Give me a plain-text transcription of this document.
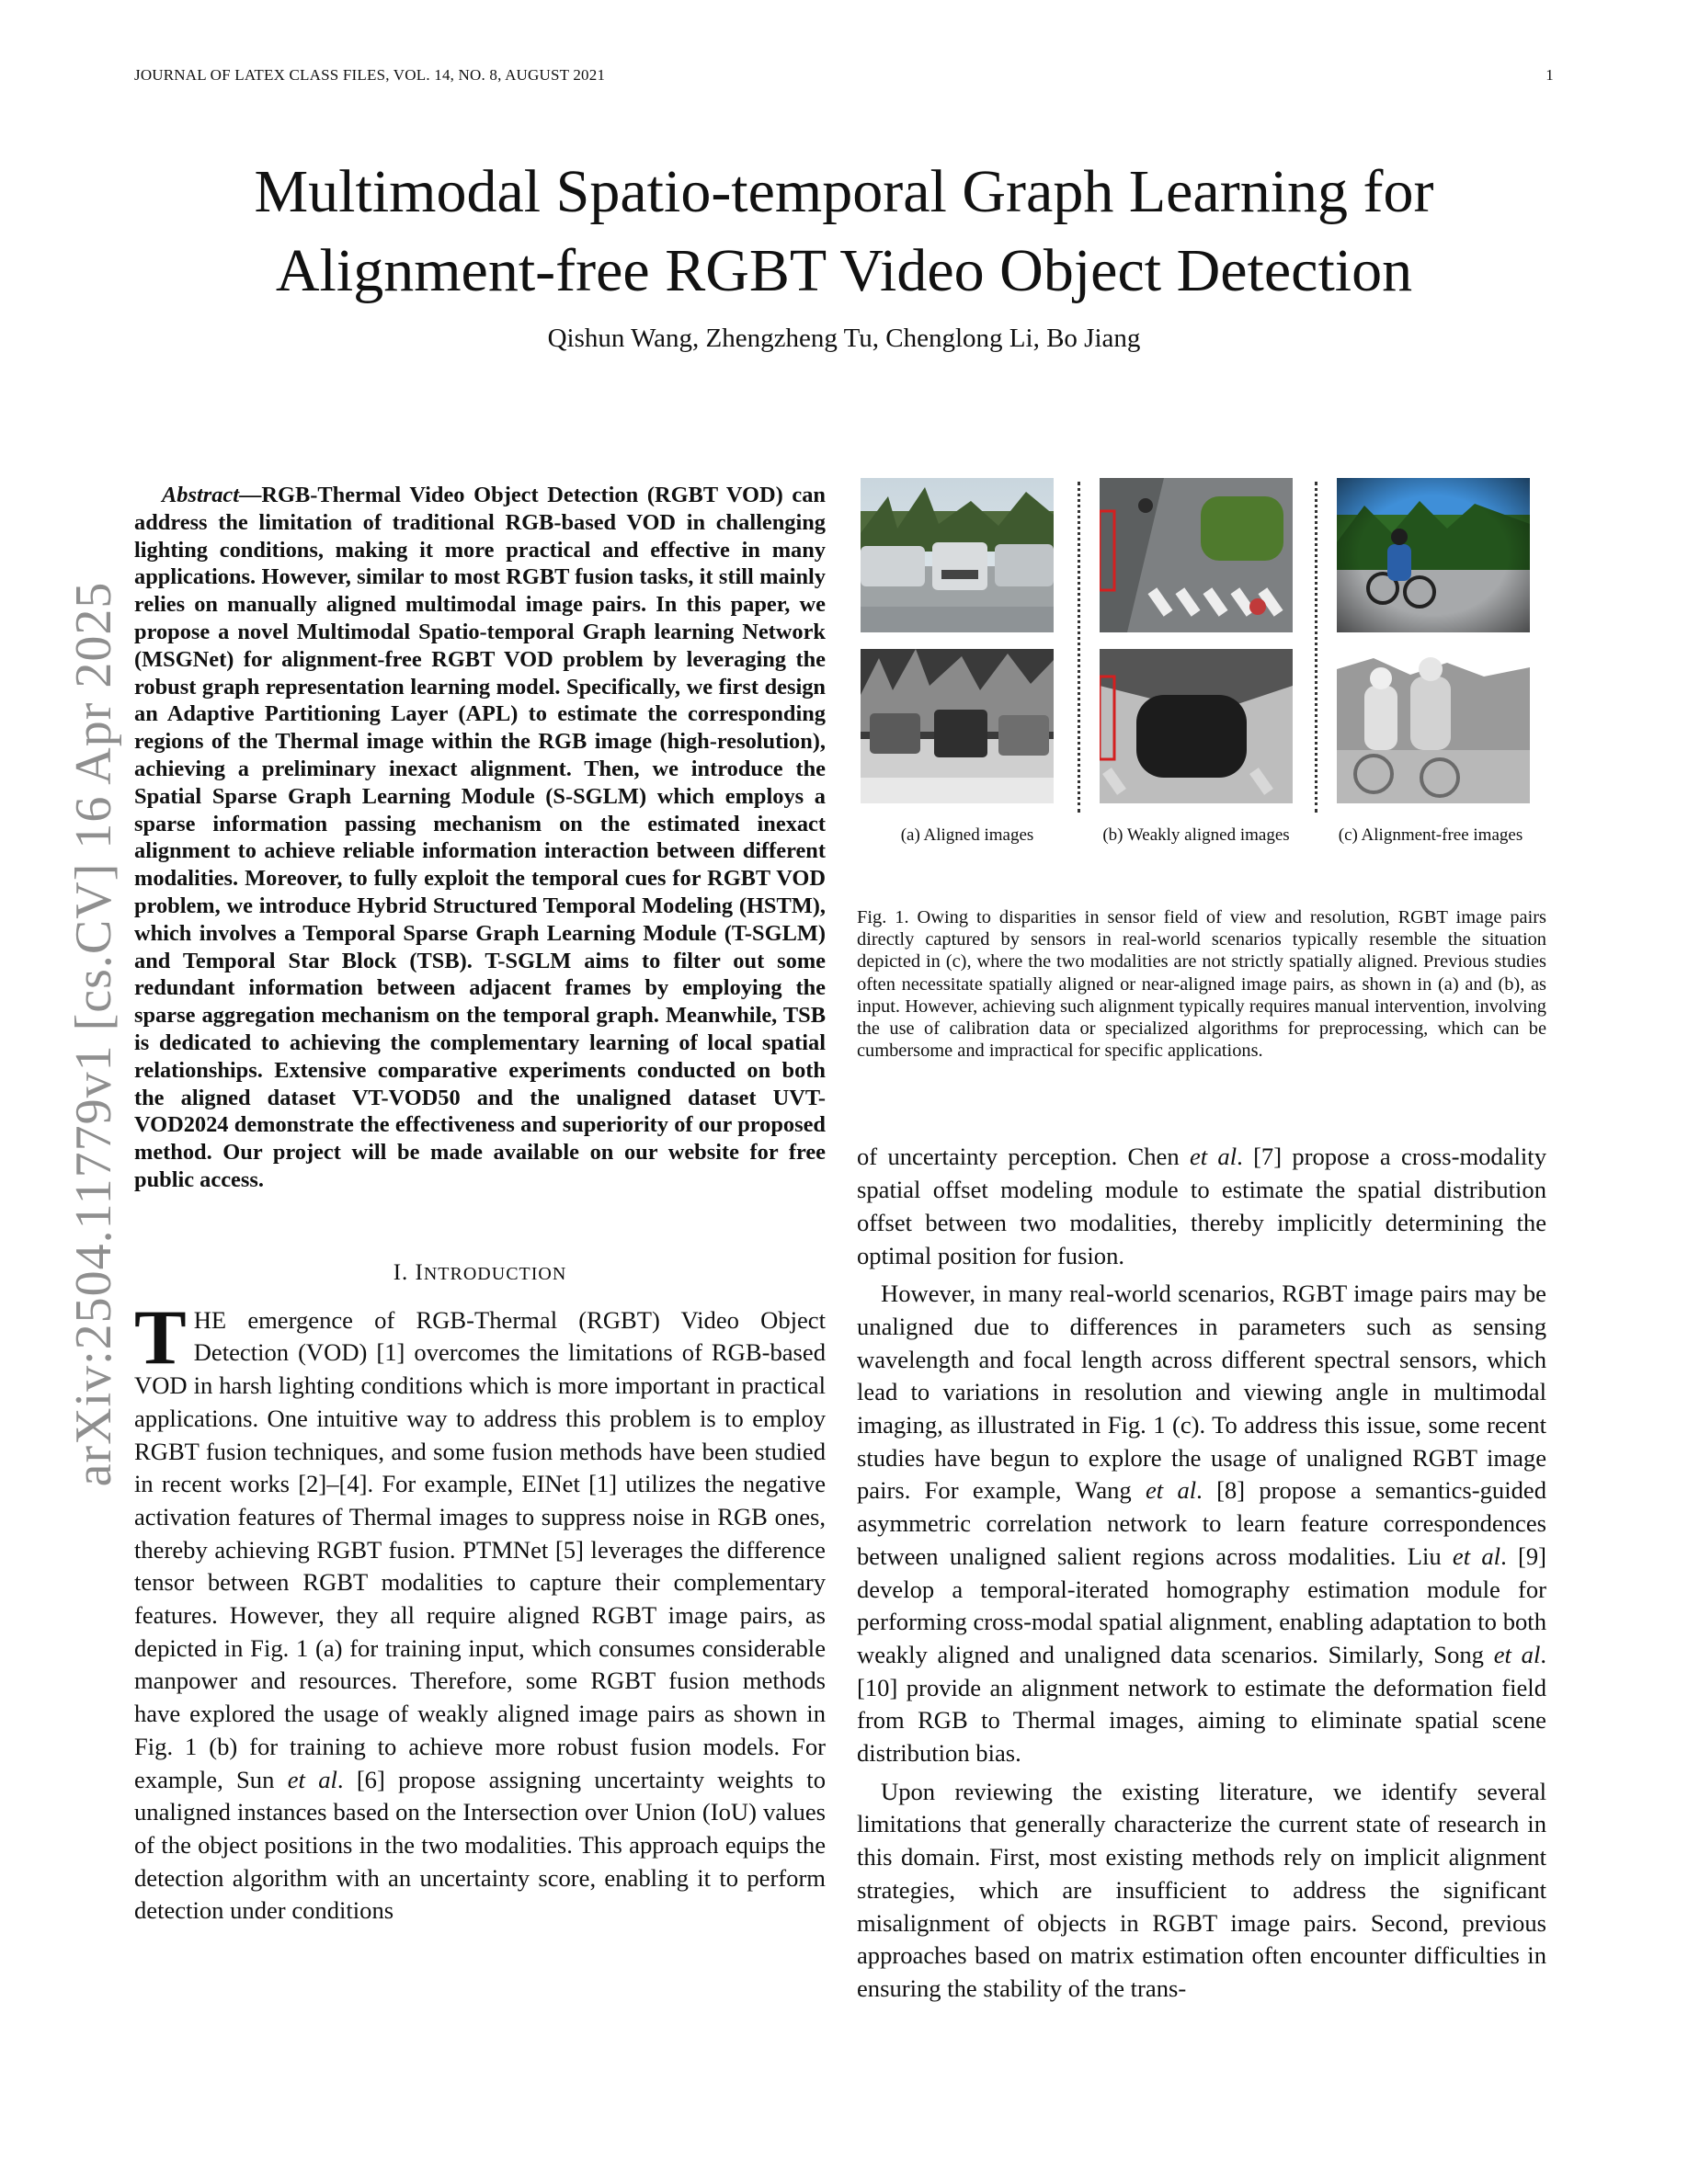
JOURNAL OF LATEX CLASS FILES, VOL. 14, NO. 8, AUGUST 2021	1
Multimodal Spatio-temporal Graph Learning for
Alignment-free RGBT Video Object Detection
Qishun Wang, Zhengzheng Tu, Chenglong Li, Bo Jiang
arXiv:2504.11779v1 [cs.CV] 16 Apr 2025

Abstract—RGB-Thermal Video Object Detection (RGBT VOD) can address the limitation of traditional RGB-based VOD in challenging lighting conditions, making it more practical and effective in many applications. However, similar to most RGBT fusion tasks, it still mainly relies on manually aligned multimodal image pairs. In this paper, we propose a novel Multimodal Spatio-temporal Graph learning Network (MSGNet) for alignment-free RGBT VOD problem by leveraging the robust graph representation learning model. Specifically, we first design an Adaptive Partitioning Layer (APL) to estimate the corresponding regions of the Thermal image within the RGB image (high-resolution), achieving a preliminary inexact alignment. Then, we introduce the Spatial Sparse Graph Learning Module (S-SGLM) which employs a sparse information passing mechanism on the estimated inexact alignment to achieve reliable information interaction between different modalities. Moreover, to fully exploit the temporal cues for RGBT VOD problem, we introduce Hybrid Structured Temporal Modeling (HSTM), which involves a Temporal Sparse Graph Learning Module (T-SGLM) and Temporal Star Block (TSB). T-SGLM aims to filter out some redundant information between adjacent frames by employing the sparse aggregation mechanism on the temporal graph. Meanwhile, TSB is dedicated to achieving the complementary learning of local spatial relationships. Extensive comparative experiments conducted on both the aligned dataset VT-VOD50 and the unaligned dataset UVT-VOD2024 demonstrate the effectiveness and superiority of our proposed method. Our project will be made available on our website for free public access.

I. INTRODUCTION

THE emergence of RGB-Thermal (RGBT) Video Object Detection (VOD) [1] overcomes the limitations of RGB-based VOD in harsh lighting conditions which is more important in practical applications. One intuitive way to address this problem is to employ RGBT fusion techniques, and some fusion methods have been studied in recent works [2]–[4]. For example, EINet [1] utilizes the negative activation features of Thermal images to suppress noise in RGB ones, thereby achieving RGBT fusion. PTMNet [5] leverages the difference tensor between RGBT modalities to capture their complementary features. However, they all require aligned RGBT image pairs, as depicted in Fig. 1 (a) for training input, which consumes considerable manpower and resources. Therefore, some RGBT fusion methods have explored the usage of weakly aligned image pairs as shown in Fig. 1 (b) for training to achieve more robust fusion models. For example, Sun et al. [6] propose assigning uncertainty weights to unaligned instances based on the Intersection over Union (IoU) values of the object positions in the two modalities. This approach equips the detection algorithm with an uncertainty score, enabling it to perform detection under conditions

(a) Aligned images	(b) Weakly aligned images	(c) Alignment-free images

Fig. 1. Owing to disparities in sensor field of view and resolution, RGBT image pairs directly captured by sensors in real-world scenarios typically resemble the situation depicted in (c), where the two modalities are not strictly spatially aligned. Previous studies often necessitate spatially aligned or near-aligned image pairs, as shown in (a) and (b), as input. However, achieving such alignment typically requires manual intervention, involving the use of calibration data or specialized algorithms for preprocessing, which can be cumbersome and impractical for specific applications.

of uncertainty perception. Chen et al. [7] propose a cross-modality spatial offset modeling module to estimate the spatial distribution offset between two modalities, thereby implicitly determining the optimal position for fusion.

However, in many real-world scenarios, RGBT image pairs may be unaligned due to differences in parameters such as sensing wavelength and focal length across different spectral sensors, which lead to variations in resolution and viewing angle in multimodal imaging, as illustrated in Fig. 1 (c). To address this issue, some recent studies have begun to explore the usage of unaligned RGBT image pairs. For example, Wang et al. [8] propose a semantics-guided asymmetric correlation network to learn feature correspondences between unaligned salient regions across modalities. Liu et al. [9] develop a temporal-iterated homography estimation module for performing cross-modal spatial alignment, enabling adaptation to both weakly aligned and unaligned data scenarios. Similarly, Song et al. [10] provide an alignment network to estimate the deformation field from RGB to Thermal images, aiming to eliminate spatial scene distribution bias.

Upon reviewing the existing literature, we identify several limitations that generally characterize the current state of research in this domain. First, most existing methods rely on implicit alignment strategies, which are insufficient to address the significant misalignment of objects in RGBT image pairs. Second, previous approaches based on matrix estimation often encounter difficulties in ensuring the stability of the trans-
